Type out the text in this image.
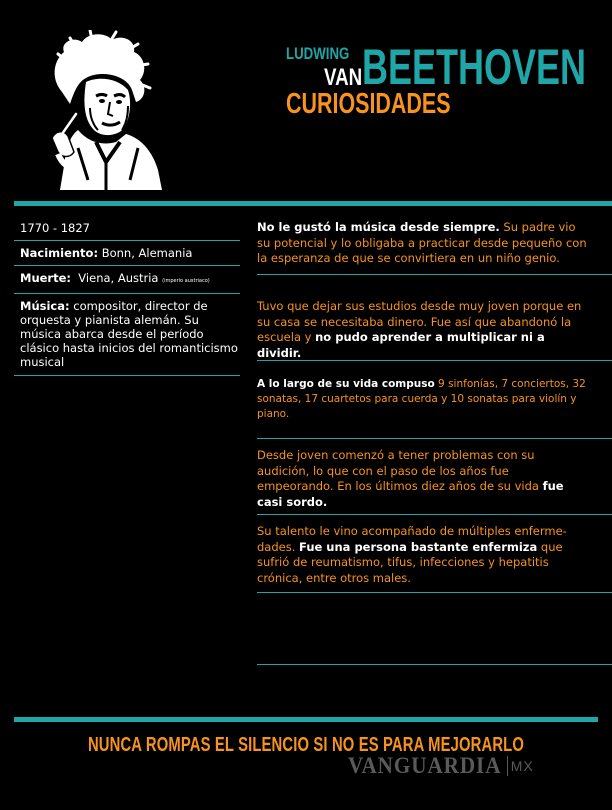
LUDWING
VAN BEETHOVEN
CURIOSIDADES
1770 - 1827
Nacimiento: Bonn, Alemania
Muerte:  Viena, Austria (imperio austriaco)
Música: compositor, director de orquesta y pianista alemán. Su música abarca desde el período clásico hasta inicios del romanticismo musical
No le gustó la música desde siempre. Su padre vio su potencial y lo obligaba a practicar desde pequeño con la esperanza de que se convirtiera en un niño genio.
Tuvo que dejar sus estudios desde muy joven porque en su casa se necesitaba dinero. Fue así que abandonó la escuela y no pudo aprender a multiplicar ni a dividir.
A lo largo de su vida compuso 9 sinfonías, 7 conciertos, 32 sonatas, 17 cuartetos para cuerda y 10 sonatas para violín y piano.
Desde joven comenzó a tener problemas con su audición, lo que con el paso de los años fue empeorando. En los últimos diez años de su vida fue casi sordo.
Su talento le vino acompañado de múltiples enferme-dades. Fue una persona bastante enfermiza que sufrió de reumatismo, tifus, infecciones y hepatitis crónica, entre otros males.
NUNCA ROMPAS EL SILENCIO SI NO ES PARA MEJORARLO
VANGUARDIA MX
